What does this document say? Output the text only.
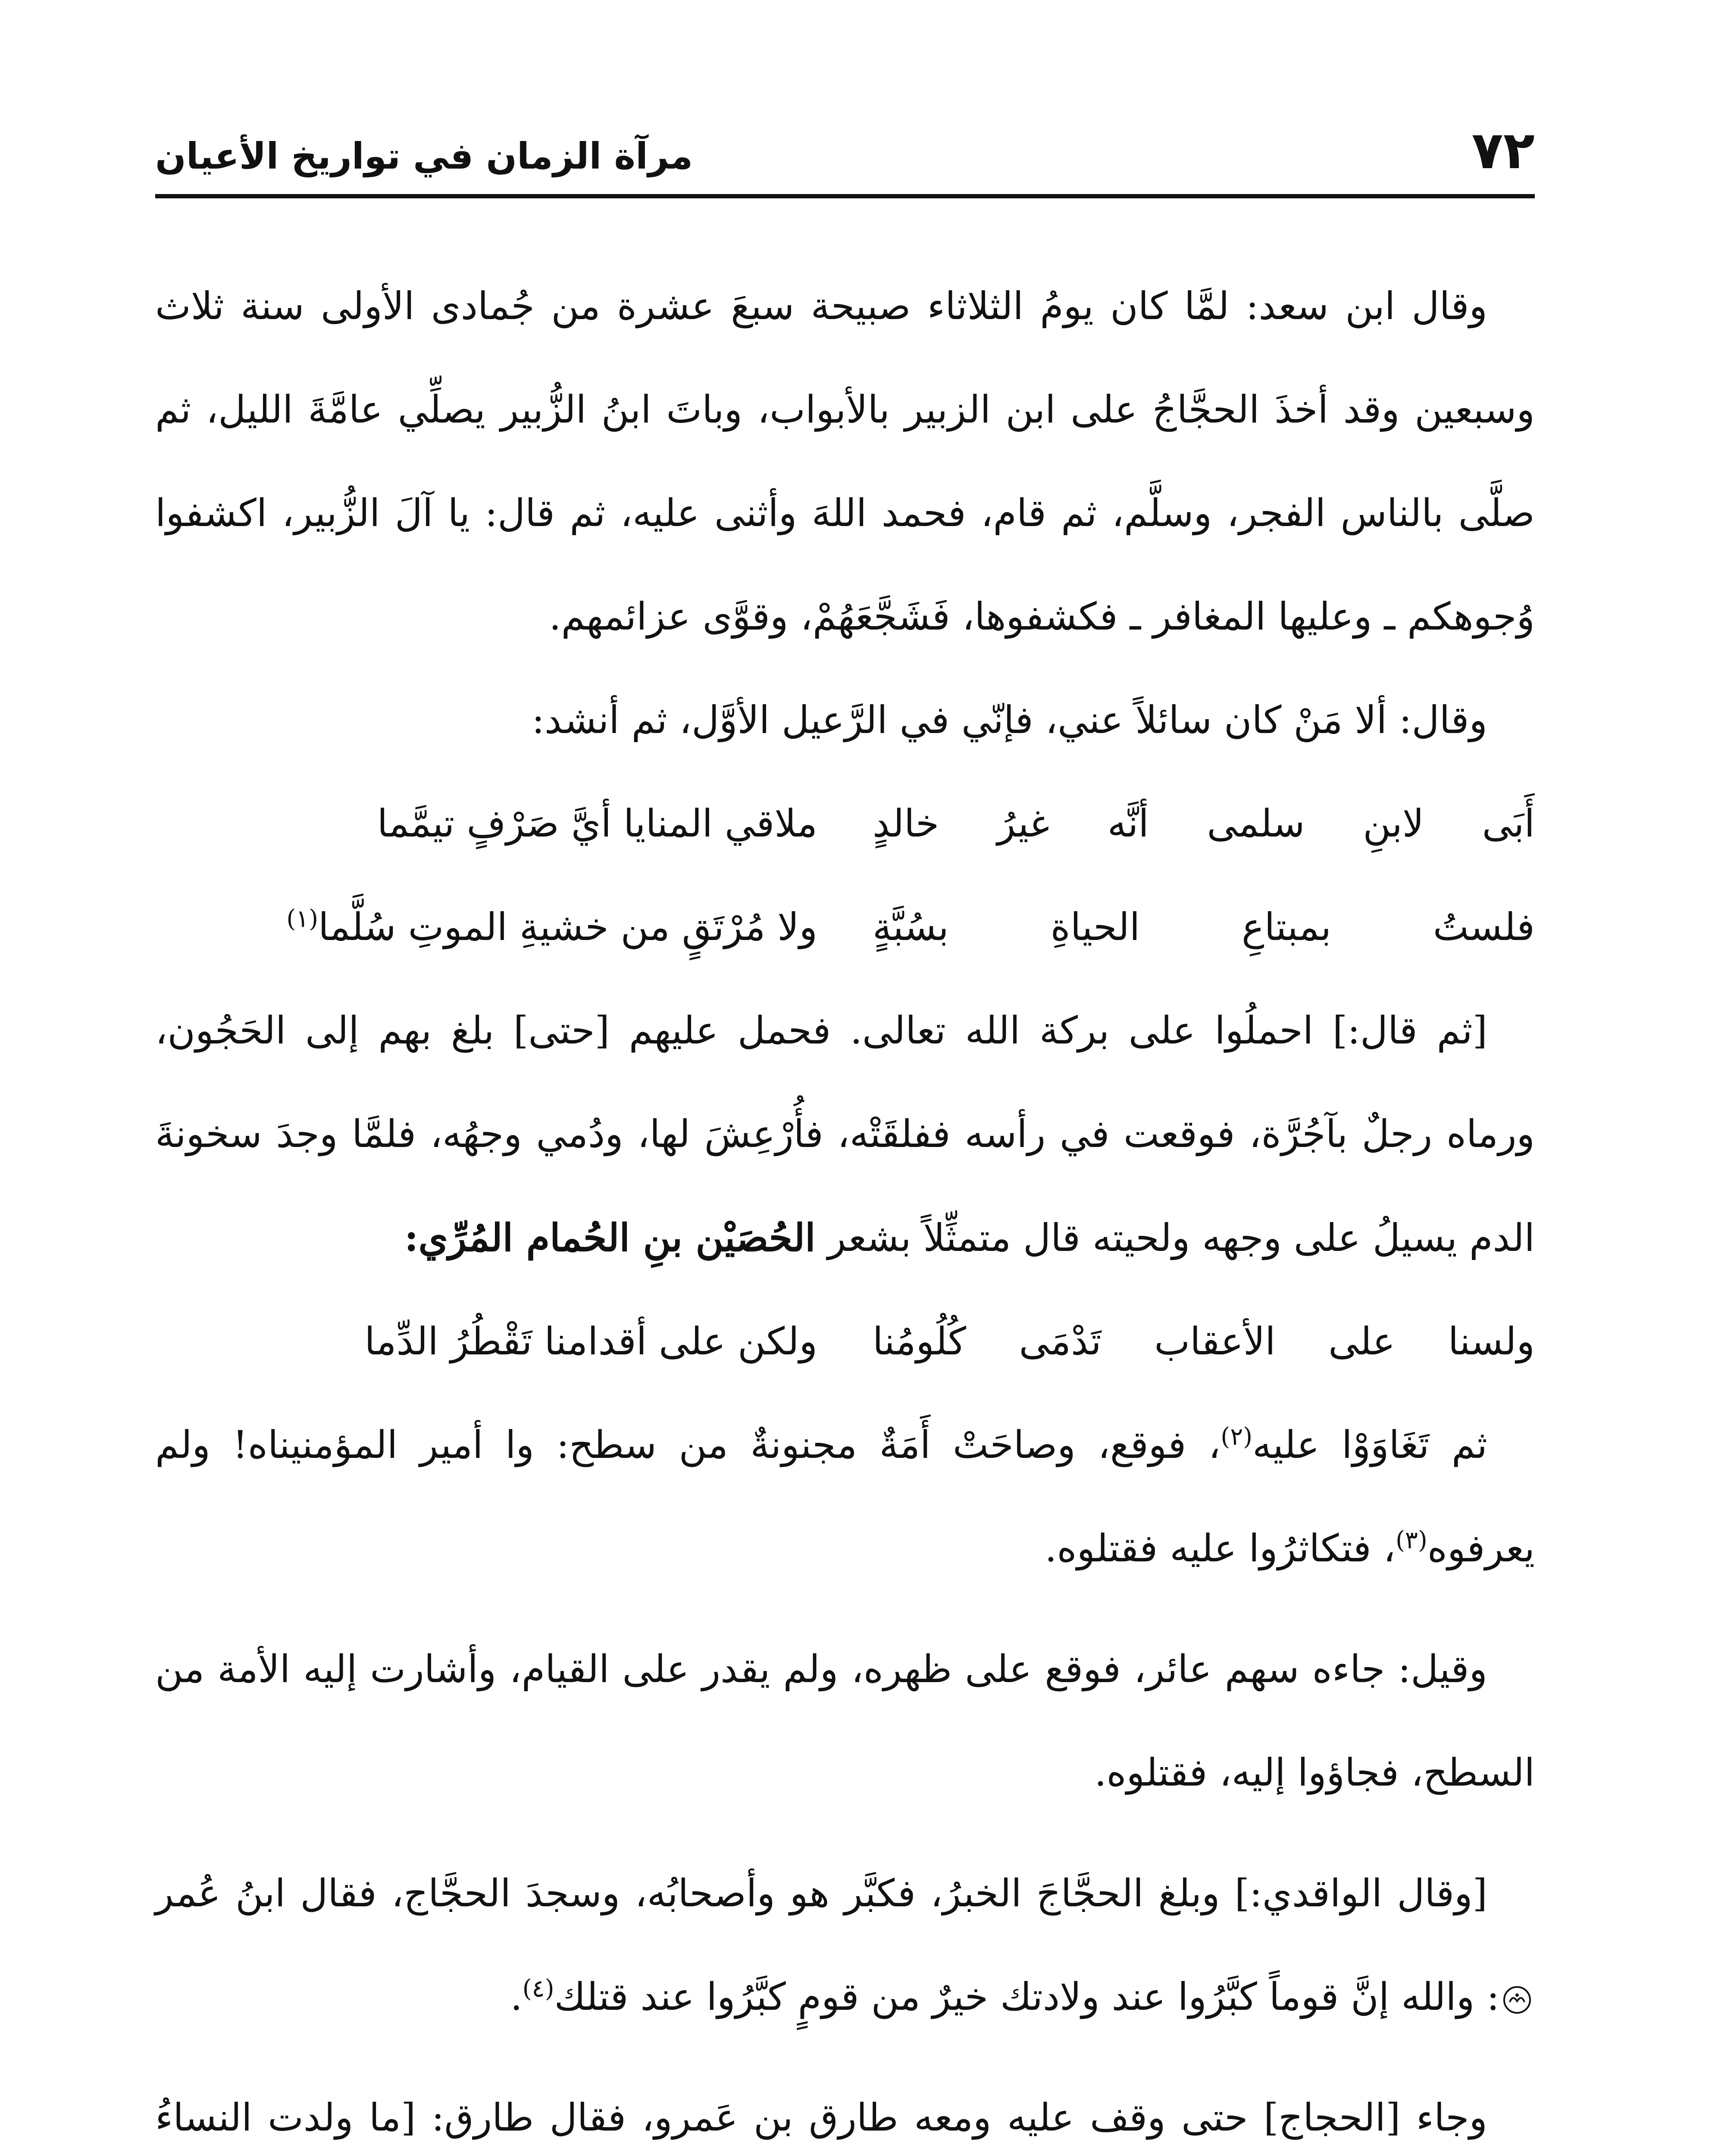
٧٢
مرآة الزمان في تواريخ الأعيان

وقال ابن سعد: لمَّا كان يومُ الثلاثاء صبيحة سبعَ عشرة من جُمادى الأولى سنة ثلاث وسبعين وقد أخذَ الحجَّاجُ على ابن الزبير بالأبواب، وباتَ ابنُ الزُّبير يصلِّي عامَّةَ الليل، ثم صلَّى بالناس الفجر، وسلَّم، ثم قام، فحمد اللهَ وأثنى عليه، ثم قال: يا آلَ الزُّبير، اكشفوا وُجوهكم ـ وعليها المغافر ـ فكشفوها، فَشَجَّعَهُمْ، وقوَّى عزائمهم.

وقال: ألا مَنْ كان سائلاً عني، فإنّي في الرَّعيل الأوَّل، ثم أنشد:

أَبَى لابنِ سلمى أنَّه غيرُ خالدٍ
ملاقي المنايا أيَّ صَرْفٍ تيمَّما
فلستُ بمبتاعِ الحياةِ بسُبَّةٍ
ولا مُرْتَقٍ من خشيةِ الموتِ سُلَّما$^{(١)}$

[ثم قال:] احملُوا على بركة الله تعالى. فحمل عليهم [حتى] بلغ بهم إلى الحَجُون، ورماه رجلٌ بآجُرَّة، فوقعت في رأسه ففلقَتْه، فأُرْعِشَ لها، ودُمي وجهُه، فلمَّا وجدَ سخونةَ الدم يسيلُ على وجهه ولحيته قال متمثِّلاً بشعر الحُصَيْن بنِ الحُمام المُرِّي:

ولسنا على الأعقاب تَدْمَى كُلُومُنا
ولكن على أقدامنا تَقْطُرُ الدِّما

ثم تَغَاوَوْا عليه$^{(٢)}$، فوقع، وصاحَتْ أَمَةٌ مجنونةٌ من سطح: وا أمير المؤمنيناه! ولم يعرفوه$^{(٣)}$، فتكاثرُوا عليه فقتلوه.

وقيل: جاءه سهم عائر، فوقع على ظهره، ولم يقدر على القيام، وأشارت إليه الأمة من السطح، فجاؤوا إليه، فقتلوه.

[وقال الواقدي:] وبلغ الحجَّاجَ الخبرُ، فكبَّر هو وأصحابُه، وسجدَ الحجَّاج، فقال ابنُ عُمر: والله إنَّ قوماً كبَّرُوا عند ولادتك خيرٌ من قومٍ كبَّرُوا عند قتلك$^{(٤)}$.

وجاء [الحجاج] حتى وقف عليه ومعه طارق بن عَمرو، فقال طارق: [ما ولدت النساءُ
